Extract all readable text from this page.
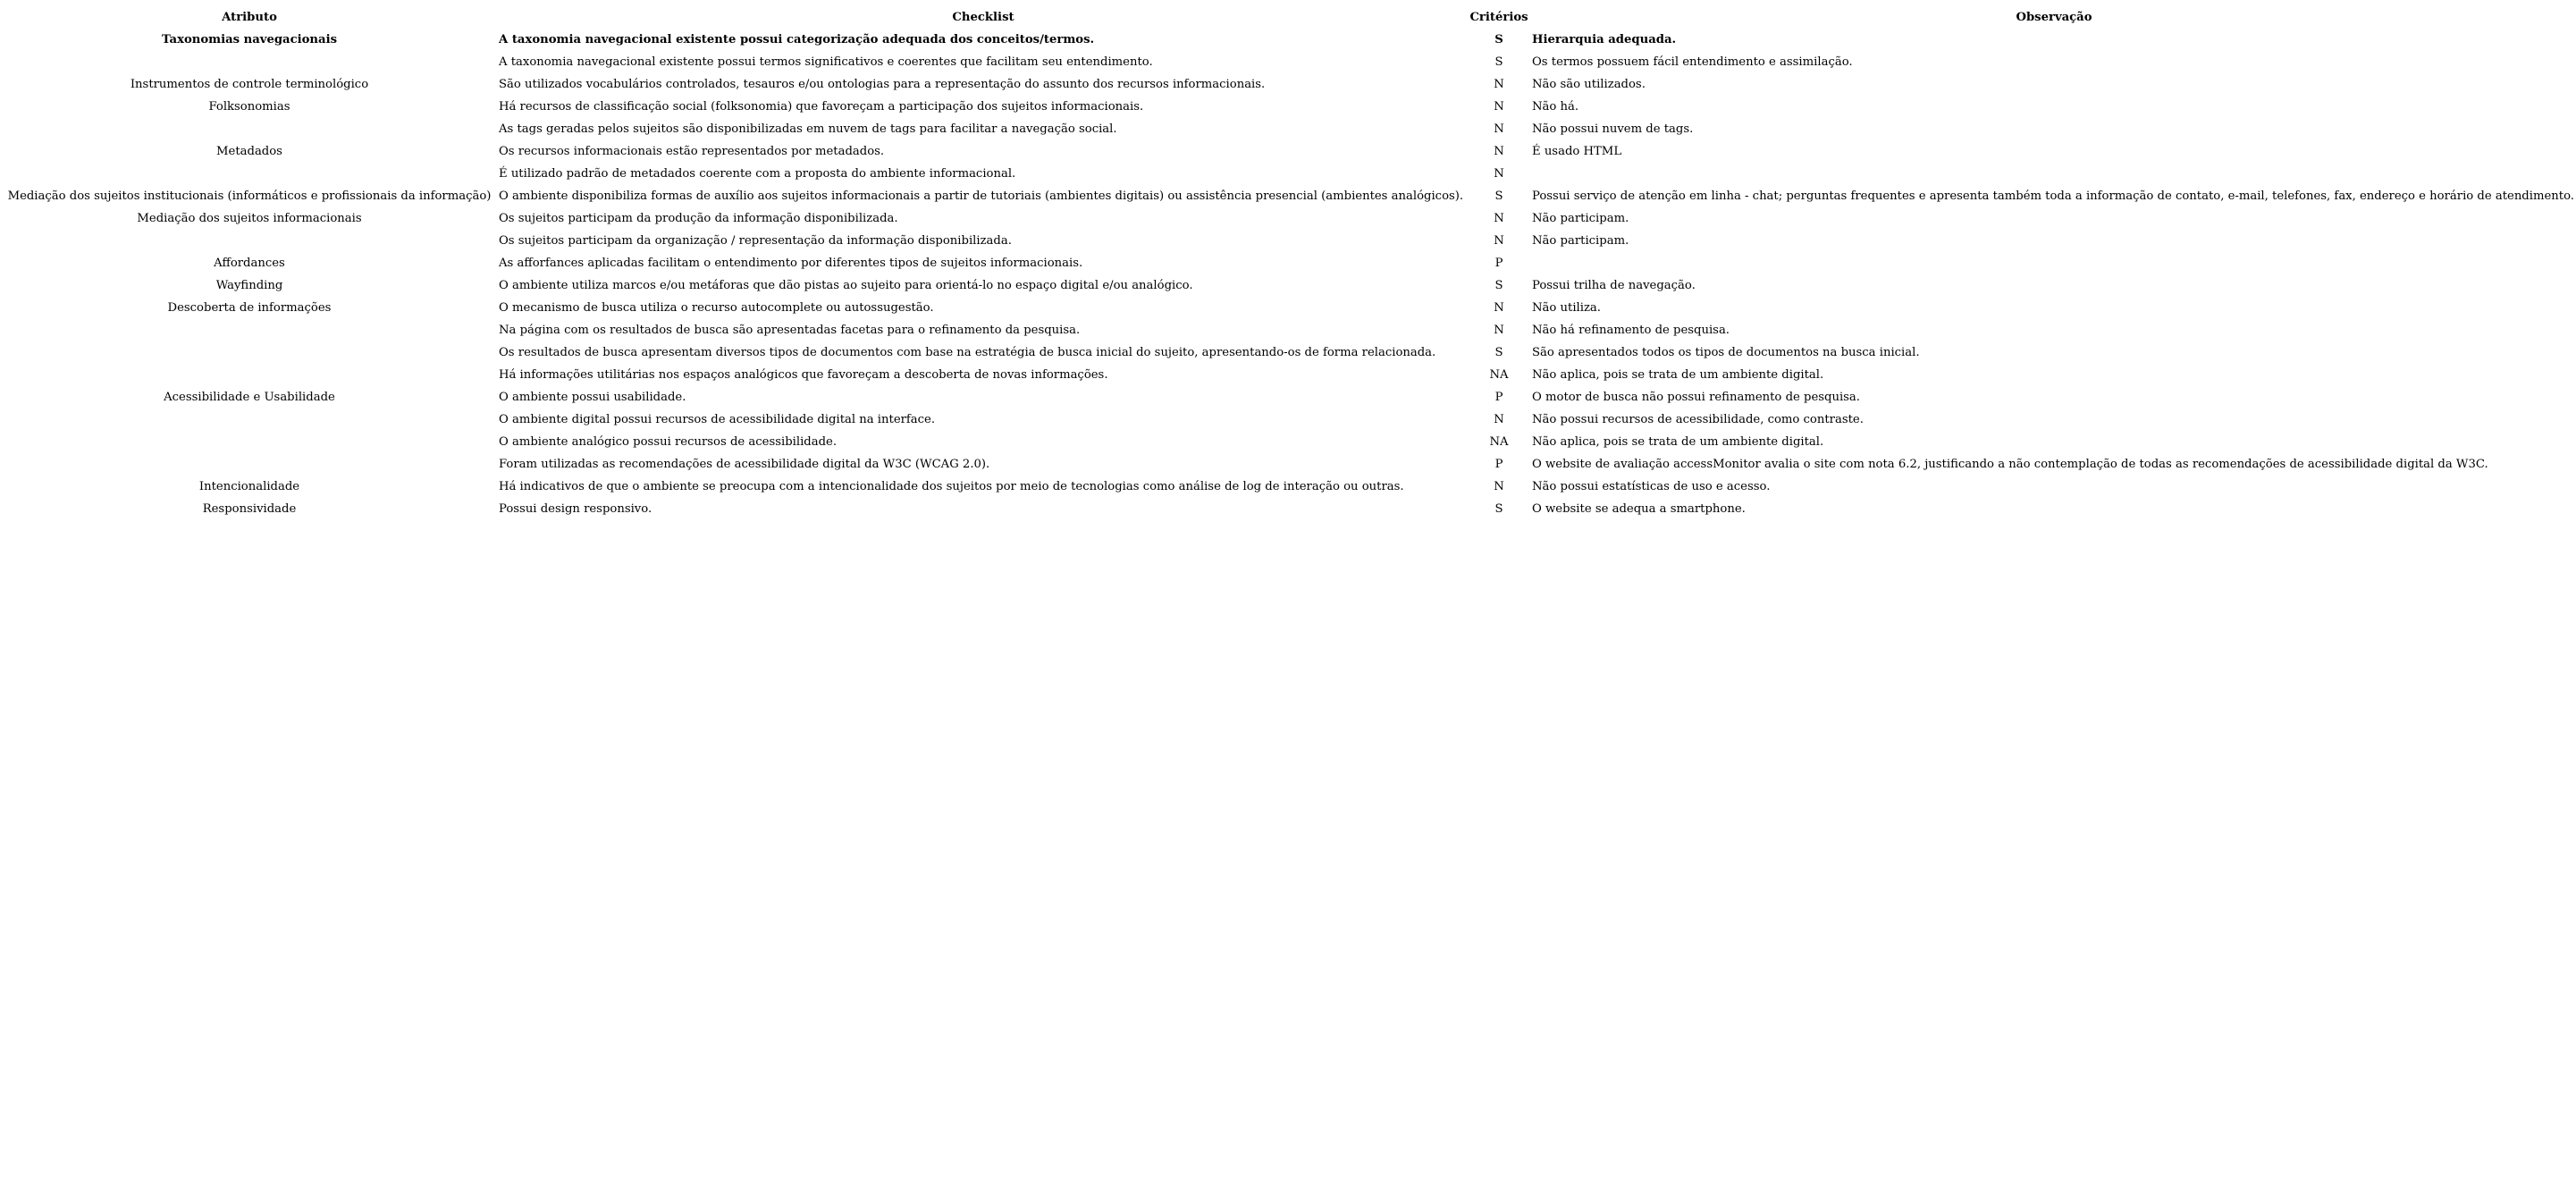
Atributo	Checklist	Critérios	Observação
Taxonomias navegacionais	A taxonomia navegacional existente possui categorização adequada dos conceitos/termos.	S	Hierarquia adequada.
	A taxonomia navegacional existente possui termos significativos e coerentes que facilitam seu entendimento.	S	Os termos possuem fácil entendimento e assimilação.
Instrumentos de controle terminológico	São utilizados vocabulários controlados, tesauros e/ou ontologias para a representação do assunto dos recursos informacionais.	N	Não são utilizados.
Folksonomias	Há recursos de classificação social (folksonomia) que favoreçam a participação dos sujeitos informacionais.	N	Não há.
	As tags geradas pelos sujeitos são disponibilizadas em nuvem de tags para facilitar a navegação social.	N	Não possui nuvem de tags.
Metadados	Os recursos informacionais estão representados por metadados.	N	É usado HTML
	É utilizado padrão de metadados coerente com a proposta do ambiente informacional.	N	
Mediação dos sujeitos institucionais (informáticos e profissionais da informação)	O ambiente disponibiliza formas de auxílio aos sujeitos informacionais a partir de tutoriais (ambientes digitais) ou assistência presencial (ambientes analógicos).	S	Possui serviço de atenção em linha - chat; perguntas frequentes e apresenta também toda a informação de contato, e-mail, telefones, fax, endereço e horário de atendimento.
Mediação dos sujeitos informacionais	Os sujeitos participam da produção da informação disponibilizada.	N	Não participam.
	Os sujeitos participam da organização / representação da informação disponibilizada.	N	Não participam.
Affordances	As afforfances aplicadas facilitam o entendimento por diferentes tipos de sujeitos informacionais.	P	
Wayfinding	O ambiente utiliza marcos e/ou metáforas que dão pistas ao sujeito para orientá-lo no espaço digital e/ou analógico.	S	Possui trilha de navegação.
Descoberta de informações	O mecanismo de busca utiliza o recurso autocomplete ou autossugestão.	N	Não utiliza.
	Na página com os resultados de busca são apresentadas facetas para o refinamento da pesquisa.	N	Não há refinamento de pesquisa.
	Os resultados de busca apresentam diversos tipos de documentos com base na estratégia de busca inicial do sujeito, apresentando-os de forma relacionada.	S	São apresentados todos os tipos de documentos na busca inicial.
	Há informações utilitárias nos espaços analógicos que favoreçam a descoberta de novas informações.	NA	Não aplica, pois se trata de um ambiente digital.
Acessibilidade e Usabilidade	O ambiente possui usabilidade.	P	O motor de busca não possui refinamento de pesquisa.
	O ambiente digital possui recursos de acessibilidade digital na interface.	N	Não possui recursos de acessibilidade, como contraste.
	O ambiente analógico possui recursos de acessibilidade.	NA	Não aplica, pois se trata de um ambiente digital.
	Foram utilizadas as recomendações de acessibilidade digital da W3C (WCAG 2.0).	P	O website de avaliação accessMonitor avalia o site com nota 6.2, justificando a não contemplação de todas as recomendações de acessibilidade digital da W3C.
Intencionalidade	Há indicativos de que o ambiente se preocupa com a intencionalidade dos sujeitos por meio de tecnologias como análise de log de interação ou outras.	N	Não possui estatísticas de uso e acesso.
Responsividade	Possui design responsivo.	S	O website se adequa a smartphone.
